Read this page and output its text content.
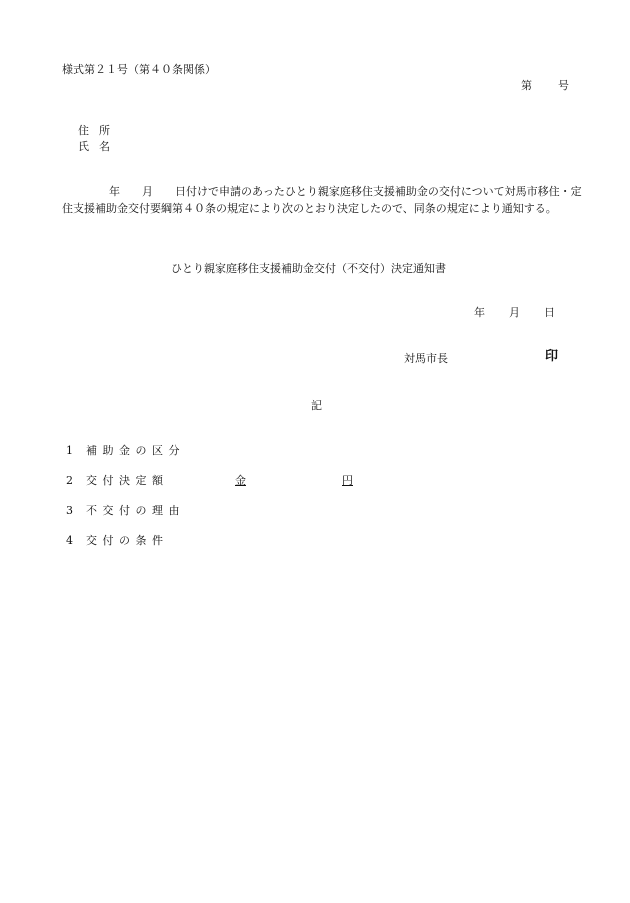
様式第２１号（第４０条関係）
第 号
住 所
氏 名
年 月 日付けで申請のあったひとり親家庭移住支援補助金の交付について対馬市移住・定住支援補助金交付要綱第４０条の規定により次のとおり決定したので、同条の規定により通知する。
ひとり親家庭移住支援補助金交付（不交付）決定通知書
年 月 日
対馬市長	印
記
1 補助金の区分
2 交付決定額	金	円
3 不交付の理由
4 交付の条件
